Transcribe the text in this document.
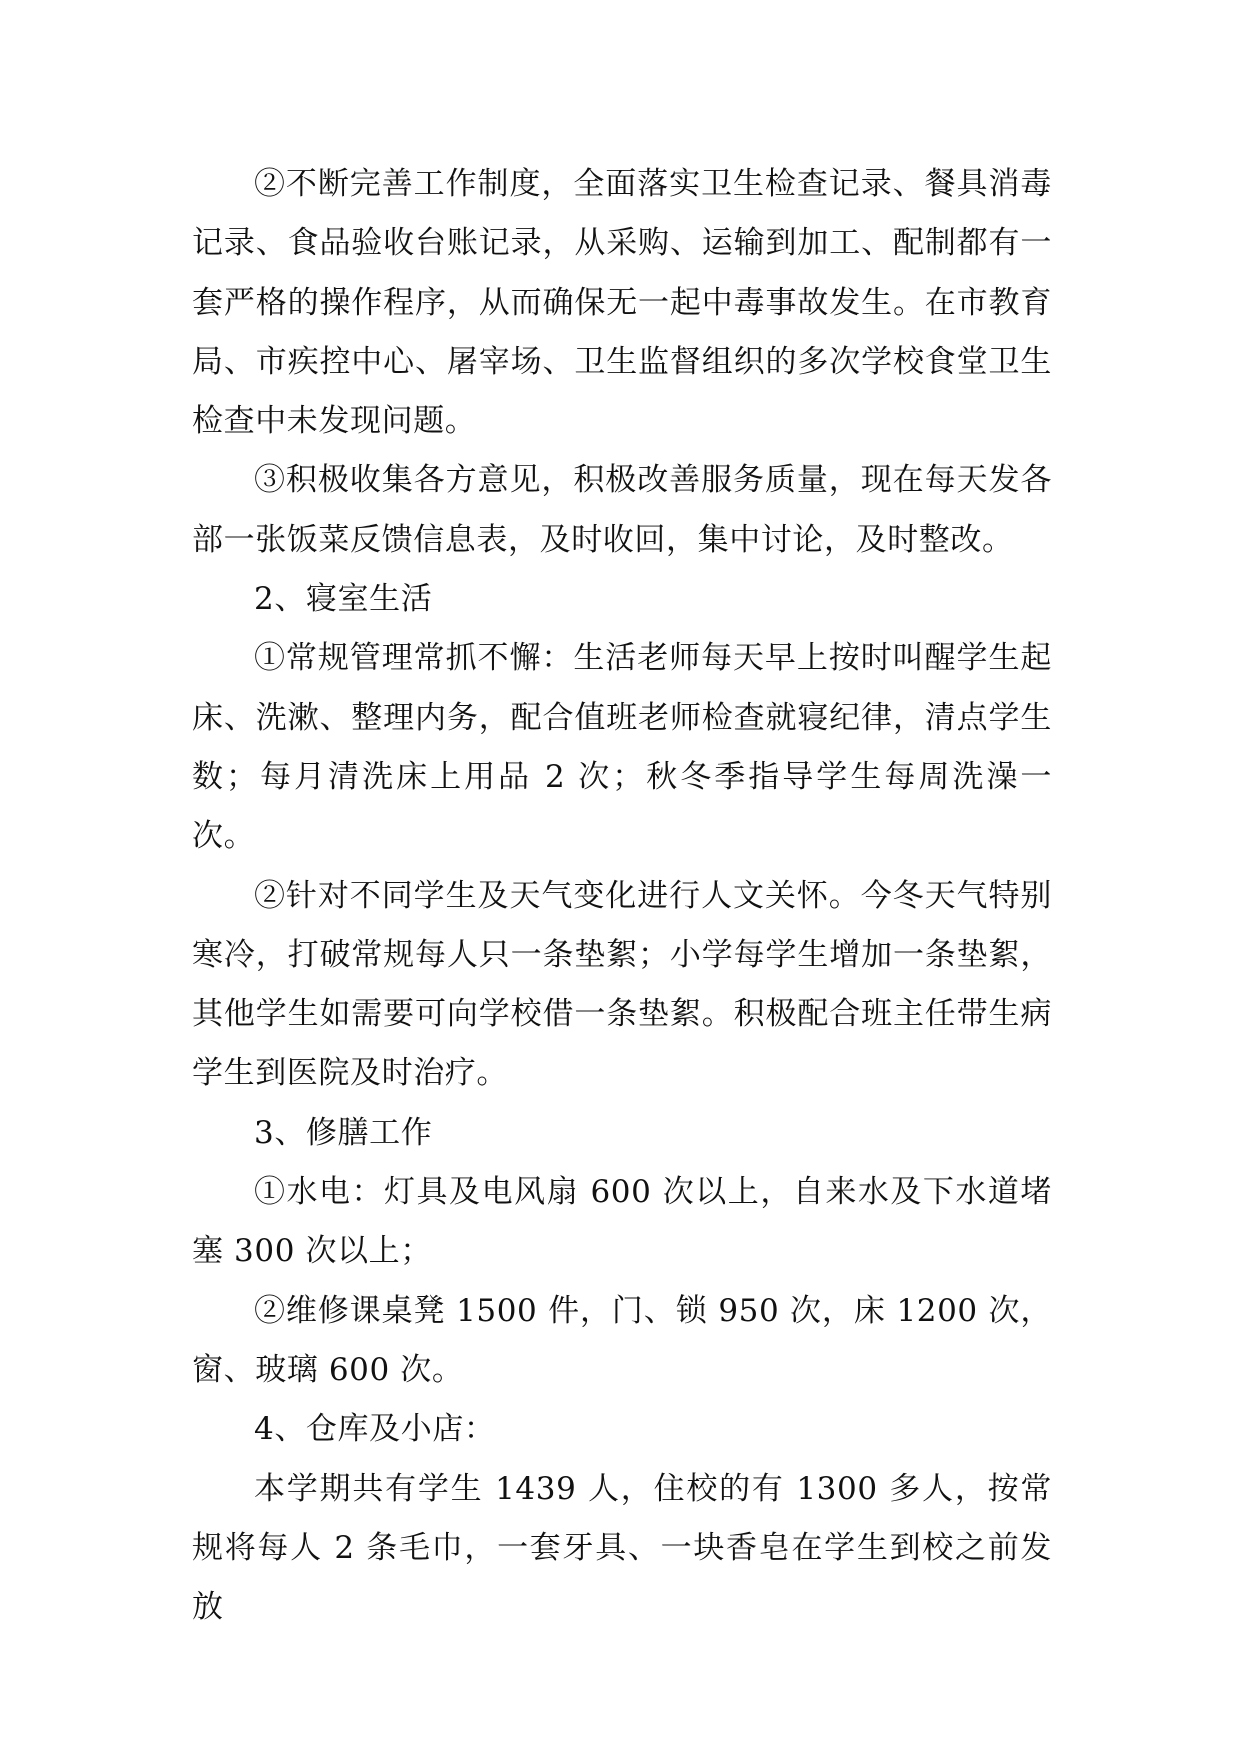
②不断完善工作制度，全面落实卫生检查记录、餐具消毒记录、食品验收台账记录，从采购、运输到加工、配制都有一套严格的操作程序，从而确保无一起中毒事故发生。在市教育局、市疾控中心、屠宰场、卫生监督组织的多次学校食堂卫生检查中未发现问题。

③积极收集各方意见，积极改善服务质量，现在每天发各部一张饭菜反馈信息表，及时收回，集中讨论，及时整改。

2、寝室生活

①常规管理常抓不懈：生活老师每天早上按时叫醒学生起床、洗漱、整理内务，配合值班老师检查就寝纪律，清点学生数；每月清洗床上用品 2 次；秋冬季指导学生每周洗澡一次。

②针对不同学生及天气变化进行人文关怀。今冬天气特别寒冷，打破常规每人只一条垫絮；小学每学生增加一条垫絮，其他学生如需要可向学校借一条垫絮。积极配合班主任带生病学生到医院及时治疗。

3、修膳工作

①水电：灯具及电风扇 600 次以上，自来水及下水道堵塞 300 次以上；

②维修课桌凳 1500 件，门、锁 950 次，床 1200 次，窗、玻璃 600 次。

4、仓库及小店：

本学期共有学生 1439 人，住校的有 1300 多人，按常规将每人 2 条毛巾，一套牙具、一块香皂在学生到校之前发放
